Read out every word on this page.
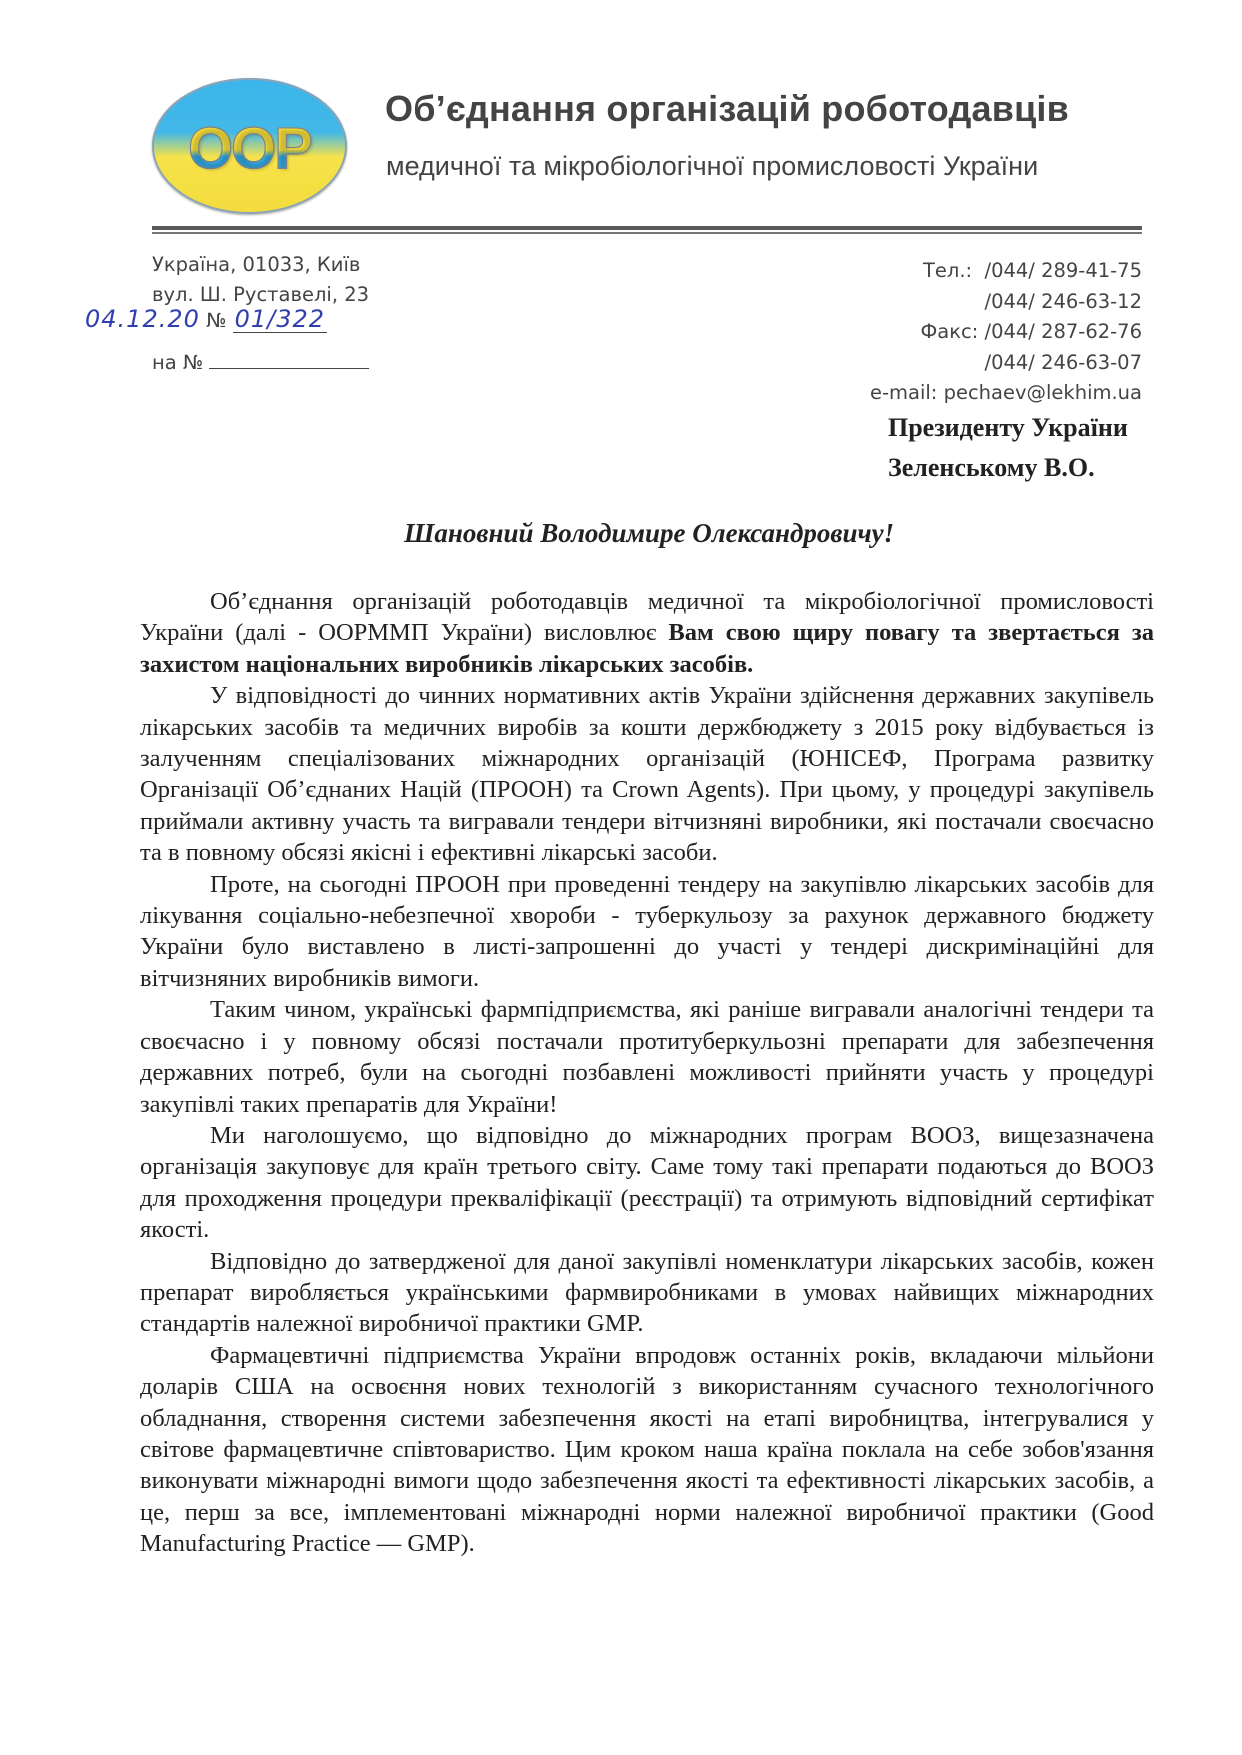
ООР
Об’єднання організацій роботодавців
медичної та мікробіологічної промисловості України
Україна, 01033, Київ
вул. Ш. Руставелі, 23
04.12.20 № 01/322
на №
Тел.: /044/ 289-41-75
/044/ 246-63-12
Факс: /044/ 287-62-76
/044/ 246-63-07
e-mail: pechaev@lekhim.ua
Президенту України
Зеленському В.О.
Шановний Володимире Олександровичу!

Об’єднання організацій роботодавців медичної та мікробіологічної промисловості України (далі - ООРММП України) висловлює Вам свою щиру повагу та звертається за захистом національних виробників лікарських засобів.

У відповідності до чинних нормативних актів України здійснення державних закупівель лікарських засобів та медичних виробів за кошти держбюджету з 2015 року відбувається із залученням спеціалізованих міжнародних організацій (ЮНІСЕФ, Програма развитку Організації Об’єднаних Націй (ПРООН) та Crown Agents). При цьому, у процедурі закупівель приймали активну участь та вигравали тендери вітчизняні виробники, які постачали своєчасно та в повному обсязі якісні і ефективні лікарські засоби.

Проте, на сьогодні ПРООН при проведенні тендеру на закупівлю лікарських засобів для лікування соціально-небезпечної хвороби - туберкульозу за рахунок державного бюджету України було виставлено в листі-запрошенні до участі у тендері дискримінаційні для вітчизняних виробників вимоги.

Таким чином, українські фармпідприємства, які раніше вигравали аналогічні тендери та своєчасно і у повному обсязі постачали протитуберкульозні препарати для забезпечення державних потреб, були на сьогодні позбавлені можливості прийняти участь у процедурі закупівлі таких препаратів для України!

Ми наголошуємо, що відповідно до міжнародних програм ВООЗ, вищезазначена організація закуповує для країн третього світу. Саме тому такі препарати подаються до ВООЗ для проходження процедури прекваліфікації (реєстрації) та отримують відповідний сертифікат якості.

Відповідно до затвердженої для даної закупівлі номенклатури лікарських засобів, кожен препарат виробляється українськими фармвиробниками в умовах найвищих міжнародних стандартів належної виробничої практики GMP.

Фармацевтичні підприємства України впродовж останніх років, вкладаючи мільйони доларів США на освоєння нових технологій з використанням сучасного технологічного обладнання, створення системи забезпечення якості на етапі виробництва, інтегрувалися у світове фармацевтичне співтовариство. Цим кроком наша країна поклала на себе зобов'язання виконувати міжнародні вимоги щодо забезпечення якості та ефективності лікарських засобів, а це, перш за все, імплементовані міжнародні норми належної виробничої практики (Good Manufacturing Practice — GMP).
